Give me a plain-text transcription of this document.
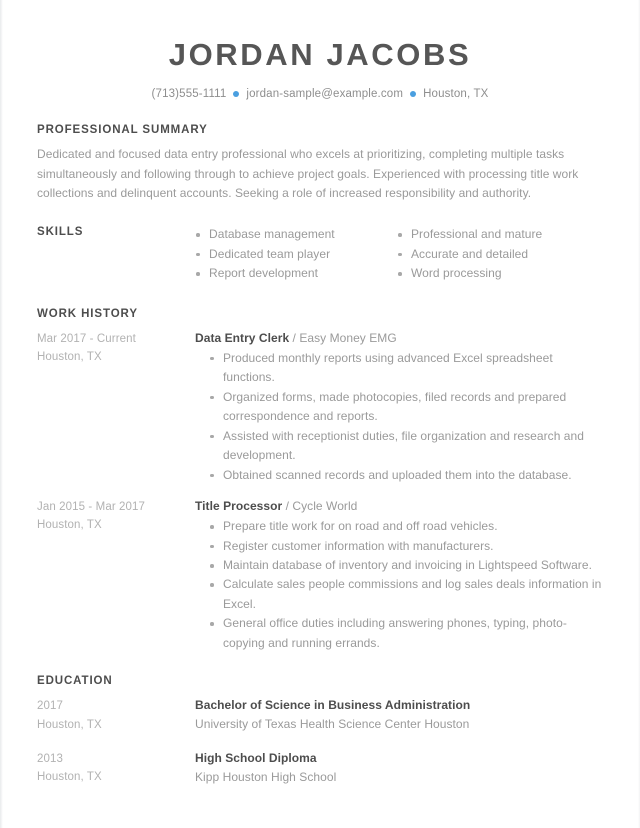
JORDAN JACOBS
(713)555-1111 jordan-sample@example.com Houston, TX
PROFESSIONAL SUMMARY
Dedicated and focused data entry professional who excels at prioritizing, completing multiple tasks simultaneously and following through to achieve project goals. Experienced with processing title work collections and delinquent accounts. Seeking a role of increased responsibility and authority.
SKILLS	Database management
Dedicated team player
Report development
Professional and mature
Accurate and detailed
Word processing
WORK HISTORY
Mar 2017 - Current
Houston, TX
Data Entry Clerk / Easy Money EMG
Produced monthly reports using advanced Excel spreadsheet functions.
Organized forms, made photocopies, filed records and prepared correspondence and reports.
Assisted with receptionist duties, file organization and research and development.
Obtained scanned records and uploaded them into the database.
Jan 2015 - Mar 2017
Houston, TX
Title Processor / Cycle World
Prepare title work for on road and off road vehicles.
Register customer information with manufacturers.
Maintain database of inventory and invoicing in Lightspeed Software.
Calculate sales people commissions and log sales deals information in Excel.
General office duties including answering phones, typing, photo-copying and running errands.
EDUCATION
2017
Houston, TX
Bachelor of Science in Business Administration
University of Texas Health Science Center Houston
2013
Houston, TX
High School Diploma
Kipp Houston High School
